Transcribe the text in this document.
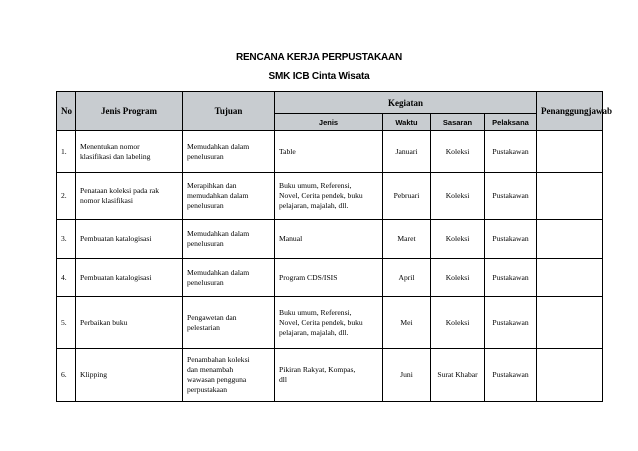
RENCANA KERJA PERPUSTAKAAN
SMK ICB Cinta Wisata
No	Jenis Program	Tujuan	Kegiatan				Penanggungjawab
			Jenis	Waktu	Sasaran	Pelaksana	
1.	Menentukan nomor
klasifikasi dan labeling	Memudahkan dalam
penelusuran	Table	Januari	Koleksi	Pustakawan	
2.	Penataan koleksi pada rak
nomor klasifikasi	Merapihkan dan
memudahkan dalam
penelusuran	Buku umum, Referensi,
Novel, Cerita pendek, buku
pelajaran, majalah, dll.	Pebruari	Koleksi	Pustakawan	
3.	Pembuatan katalogisasi	Memudahkan dalam
penelusuran	Manual	Maret	Koleksi	Pustakawan	
4.	Pembuatan katalogisasi	Memudahkan dalam
penelusuran	Program CDS/ISIS	April	Koleksi	Pustakawan	
5.	Perbaikan buku	Pengawetan dan
pelestarian	Buku umum, Referensi,
Novel, Cerita pendek, buku
pelajaran, majalah, dll.	Mei	Koleksi	Pustakawan	
6.	Klipping	Penambahan koleksi
dan menambah
wawasan pengguna
perpustakaan	Pikiran Rakyat, Kompas,
dll	Juni	Surat Khabar	Pustakawan	
